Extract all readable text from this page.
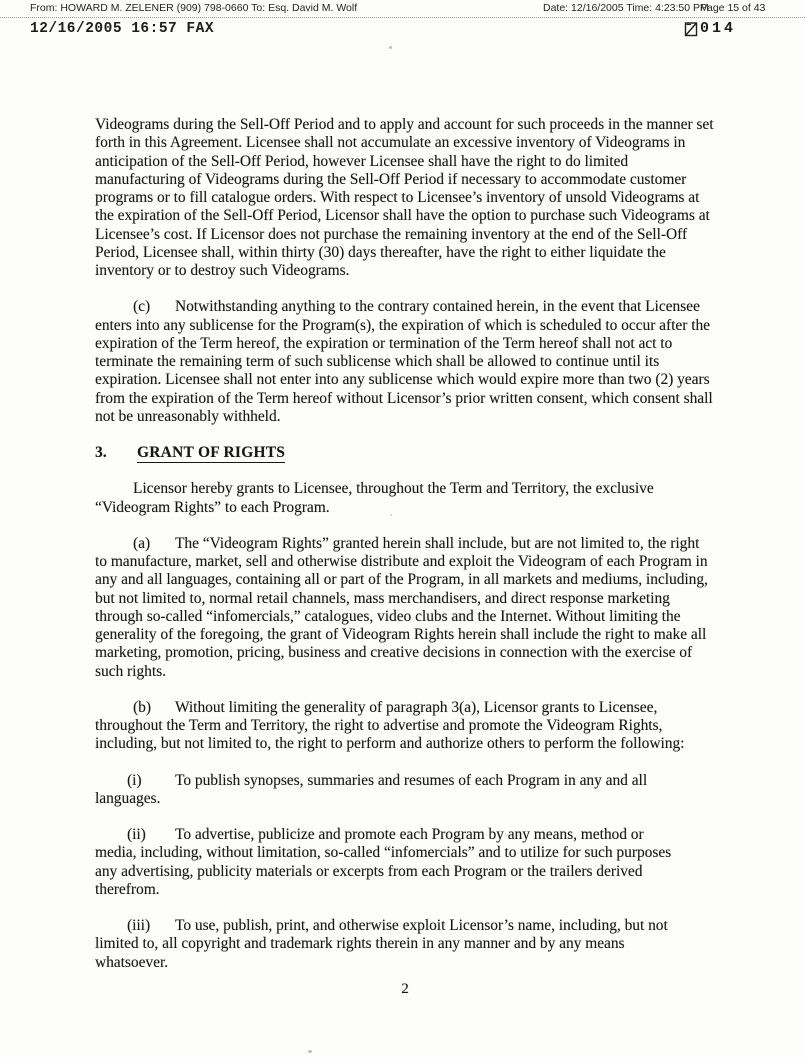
From: HOWARD M. ZELENER (909) 798-0660 To: Esq. David M. Wolf	Date: 12/16/2005 Time: 4:23:50 PM
Page 15 of 43
12/16/2005 16:57 FAX	014

Videograms during the Sell-Off Period and to apply and account for such proceeds in the manner set forth in this Agreement. Licensee shall not accumulate an excessive inventory of Videograms in anticipation of the Sell-Off Period, however Licensee shall have the right to do limited manufacturing of Videograms during the Sell-Off Period if necessary to accommodate customer programs or to fill catalogue orders. With respect to Licensee’s inventory of unsold Videograms at the expiration of the Sell-Off Period, Licensor shall have the option to purchase such Videograms at Licensee’s cost. If Licensor does not purchase the remaining inventory at the end of the Sell-Off Period, Licensee shall, within thirty (30) days thereafter, have the right to either liquidate the inventory or to destroy such Videograms.

(c) Notwithstanding anything to the contrary contained herein, in the event that Licensee enters into any sublicense for the Program(s), the expiration of which is scheduled to occur after the expiration of the Term hereof, the expiration or termination of the Term hereof shall not act to terminate the remaining term of such sublicense which shall be allowed to continue until its expiration. Licensee shall not enter into any sublicense which would expire more than two (2) years from the expiration of the Term hereof without Licensor’s prior written consent, which consent shall not be unreasonably withheld.

3. GRANT OF RIGHTS

Licensor hereby grants to Licensee, throughout the Term and Territory, the exclusive “Videogram Rights” to each Program.

(a) The “Videogram Rights” granted herein shall include, but are not limited to, the right to manufacture, market, sell and otherwise distribute and exploit the Videogram of each Program in any and all languages, containing all or part of the Program, in all markets and mediums, including, but not limited to, normal retail channels, mass merchandisers, and direct response marketing through so-called “infomercials,” catalogues, video clubs and the Internet. Without limiting the generality of the foregoing, the grant of Videogram Rights herein shall include the right to make all marketing, promotion, pricing, business and creative decisions in connection with the exercise of such rights.

(b) Without limiting the generality of paragraph 3(a), Licensor grants to Licensee, throughout the Term and Territory, the right to advertise and promote the Videogram Rights, including, but not limited to, the right to perform and authorize others to perform the following:

(i) To publish synopses, summaries and resumes of each Program in any and all languages.

(ii) To advertise, publicize and promote each Program by any means, method or media, including, without limitation, so-called “infomercials” and to utilize for such purposes any advertising, publicity materials or excerpts from each Program or the trailers derived therefrom.

(iii) To use, publish, print, and otherwise exploit Licensor’s name, including, but not limited to, all copyright and trademark rights therein in any manner and by any means whatsoever.

2
